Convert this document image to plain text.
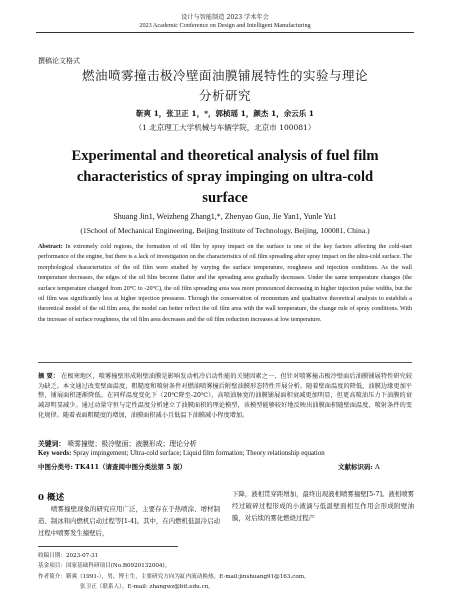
设计与智能制造 2023 学术年会
2023 Academic Conference on Design and Intelligent Manufacturing
撰稿论文格式
燃油喷雾撞击极冷壁面油膜铺展特性的实验与理论
分析研究
靳爽 1，张卫正 1，*，郭桢瑶 1，颜杰 1，余云乐 1
（1 北京理工大学机械与车辆学院，北京市 100081）
Experimental and theoretical analysis of fuel film
characteristics of spray impinging on ultra-cold
surface
Shuang Jin1, Weizheng Zhang1,*, Zhenyao Guo, Jie Yan1, Yunle Yu1
(1School of Mechanical Engineering, Beijing Institute of Technology, Beijing, 100081, China.)
Abstract: In extremely cold regions, the formation of oil film by spray impact on the surface is one of the key factors affecting the cold-start performance of the engine, but there is a lack of investigation on the characteristics of oil film spreading after spray impact on the ultra-cold surface. The morphological characteristics of the oil film were studied by varying the surface temperature, roughness and injection conditions. As the wall temperature decreases, the edges of the oil film become flatter and the spreading area gradually decreases. Under the same temperature changes (the surface temperature changed from 20°C to -20°C), the oil film spreading area was more pronounced decreasing in higher injection pulse widths, but the oil film was significantly less at higher injection pressures. Through the conservation of momentum and qualitative theoretical analysis to establish a theoretical model of the oil film area, the model can better reflect the oil film area with the wall temperature, the change rule of spray conditions. With the increase of surface roughness, the oil film area decreases and the oil film reduction increases at low temperature.
摘 要： 在极寒地区，喷雾撞壁形成附壁油膜是影响发动机冷启动性能的关键因素之一，但针对喷雾撞击极冷壁面后油膜铺展特性研究较为缺乏。本文通过改变壁面温度、粗糙度和喷射条件对燃油喷雾撞后附壁油膜形态特性开展分析。随着壁面温度的降低，油膜边缘更加平整，铺展面积逐渐降低。在同样温度变化下（20℃降至-20℃），高喷油脉宽的油膜铺展面积衰减更加明显，但更高喷油压力下油膜的衰减却明显减少。通过动量守恒与定性温度分析建立了油膜面积的理论模型，该模型能够较好地反映出油膜面积随壁面温度、喷射条件的变化规律。随着表面粗糙度的增加，油膜面积减小且低温下油膜减小程度增加。
关键词： 喷雾撞壁；极冷壁面；液膜形成；理论分析
Key words: Spray impingement; Ultra-cold surface; Liquid film formation; Theory relationship equation
中图分类号: TK411（请查阅中图分类法第 5 版）	文献标识码: A
0 概述
喷雾撞壁现象的研究应用广泛，主要存在于热喷涂、增材制造、制冰和内燃机启动过程等[1-4]。其中，在内燃机低温冷启动过程中喷雾发生撞壁后，
下降，液相贯穿距增加，最终出现液相喷雾撞壁[5-7]。液相喷雾经过破碎过程形成的小液滴与低温壁面相互作用会形成附壁油膜，对后续的雾化燃烧过程产
收稿日期：2023-07-31
基金项目：国家基础科研项目(No.B0920132004)。
作者简介：靳爽（1991-），男，博士生，主要研究方向为缸内流动换热。E-mail:jinshuang91@163.com。
张卫正（联系人），E-mail: zhangwz@bit.edu.cn。
